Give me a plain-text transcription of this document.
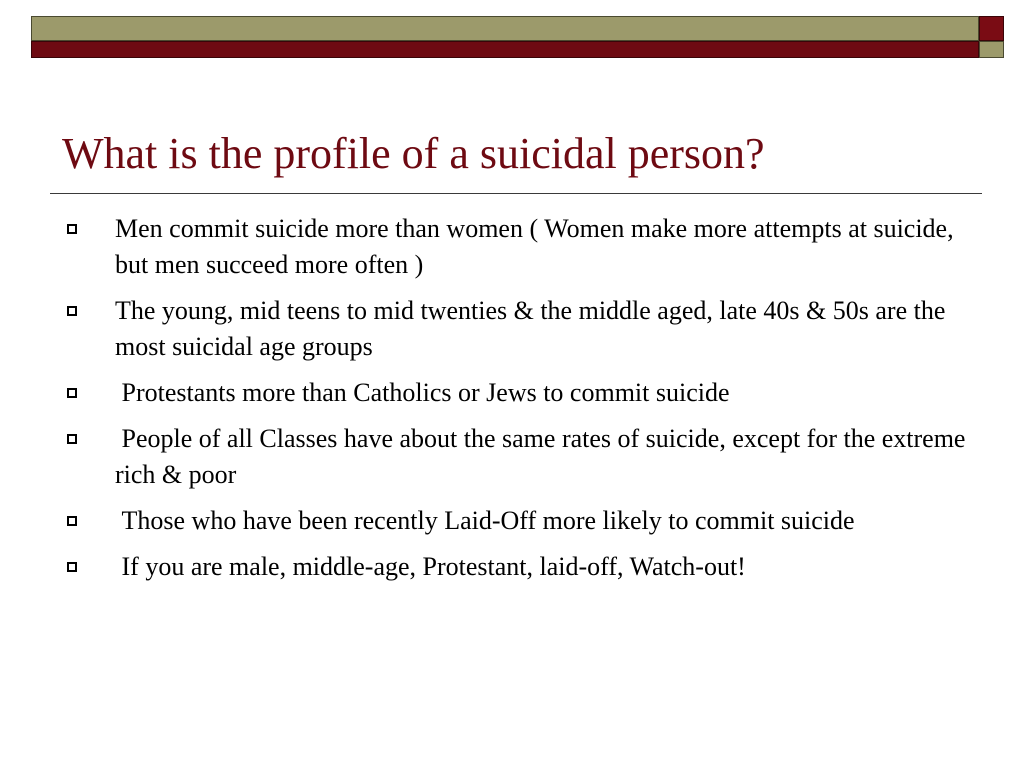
What is the profile of a suicidal person?
Men commit suicide more than women ( Women make more attempts at suicide, but men succeed more often )
The young, mid teens to mid twenties & the middle aged, late 40s & 50s are the most suicidal age groups
Protestants more than Catholics or Jews to commit suicide
People of all Classes have about the same rates of suicide, except for the extreme rich & poor
Those who have been recently Laid-Off more likely to commit suicide
If you are male, middle-age, Protestant, laid-off, Watch-out!
